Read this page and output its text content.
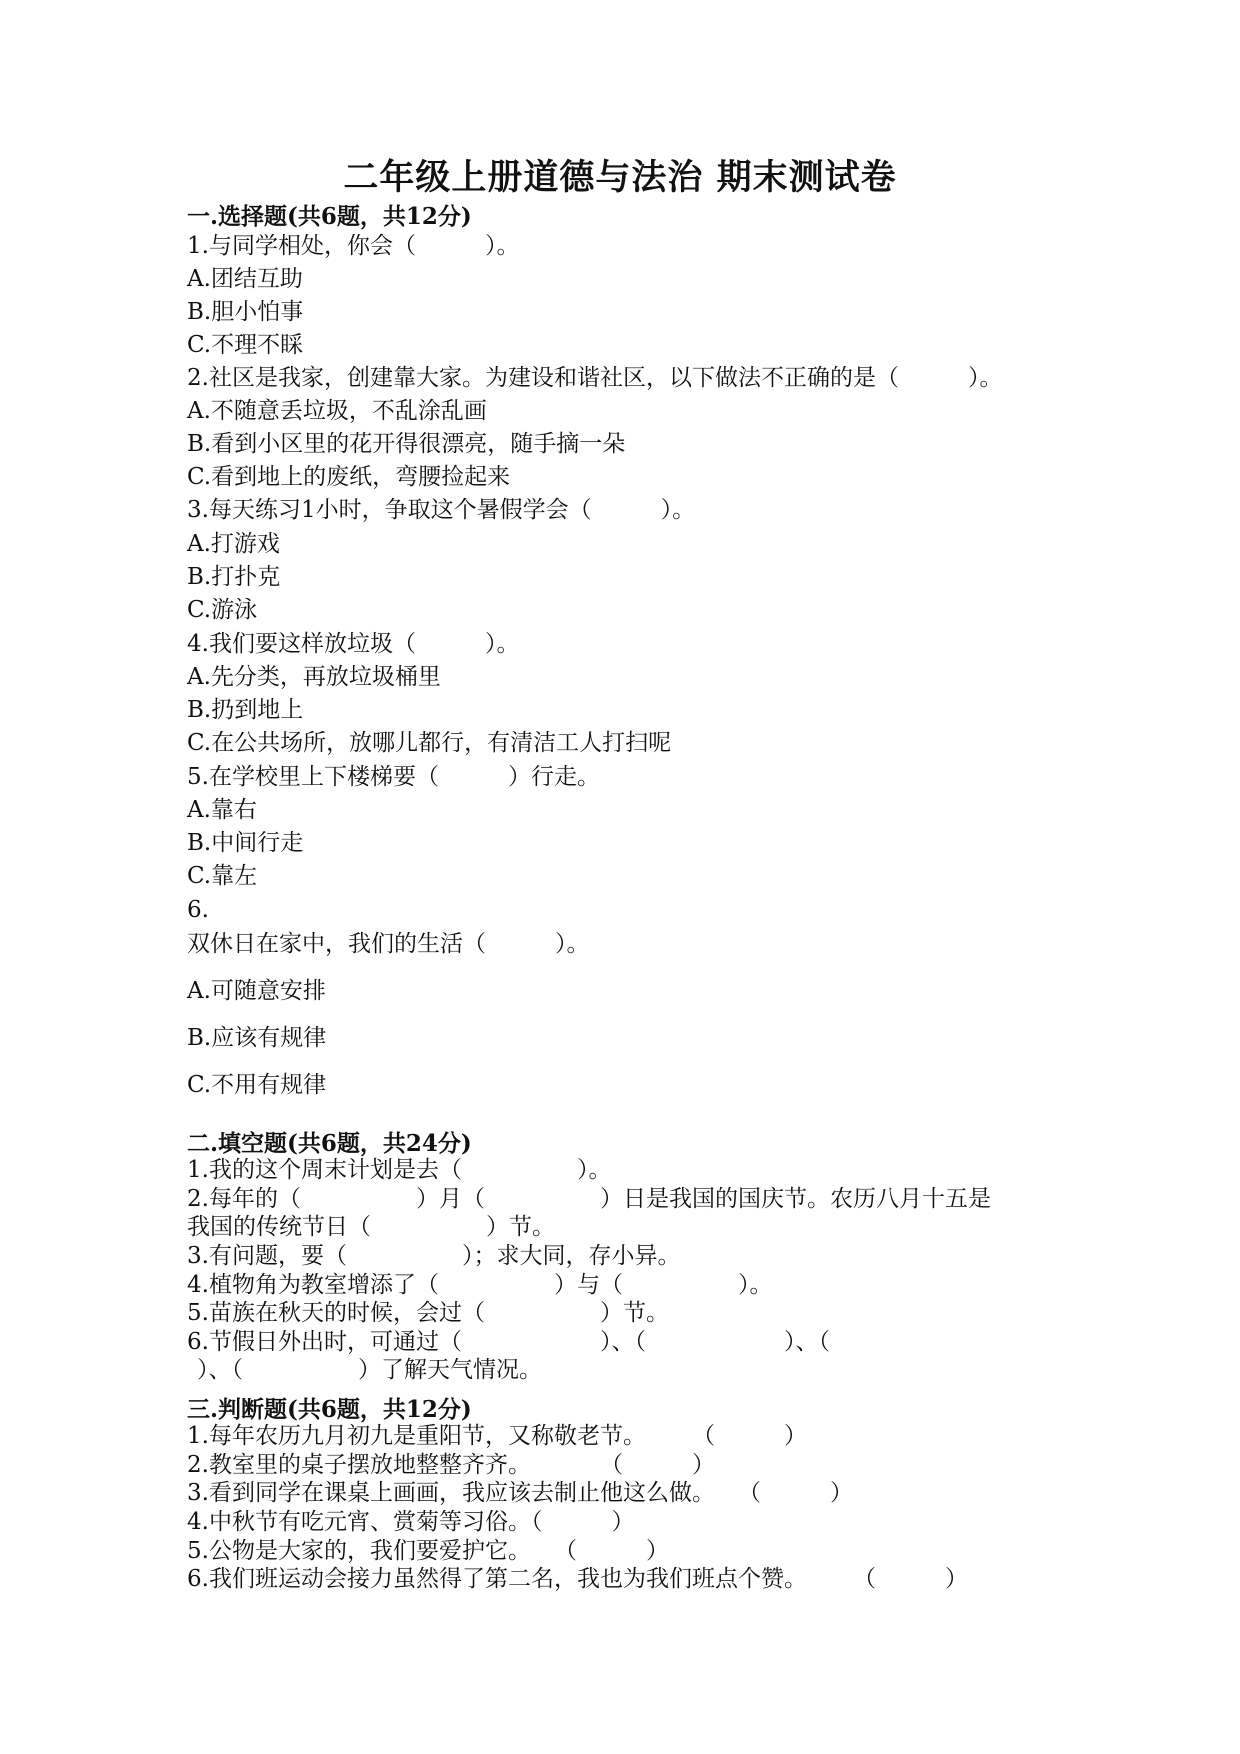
二年级上册道德与法治 期末测试卷
一.选择题(共6题，共12分)
1.与同学相处，你会（　　　）。
A.团结互助
B.胆小怕事
C.不理不睬
2.社区是我家，创建靠大家。为建设和谐社区，以下做法不正确的是（　　　）。
A.不随意丢垃圾，不乱涂乱画
B.看到小区里的花开得很漂亮，随手摘一朵
C.看到地上的废纸，弯腰捡起来
3.每天练习1小时，争取这个暑假学会（　　　）。
A.打游戏
B.打扑克
C.游泳
4.我们要这样放垃圾（　　　）。
A.先分类，再放垃圾桶里
B.扔到地上
C.在公共场所，放哪儿都行，有清洁工人打扫呢
5.在学校里上下楼梯要（　　　）行走。
A.靠右
B.中间行走
C.靠左
6.
双休日在家中，我们的生活（　　　）。
A.可随意安排
B.应该有规律
C.不用有规律
二.填空题(共6题，共24分)
1.我的这个周末计划是去（　　　　　）。
2.每年的（　　　　　）月（　　　　　）日是我国的国庆节。农历八月十五是
我国的传统节日（　　　　　）节。
3.有问题，要（　　　　　）；求大同，存小异。
4.植物角为教室增添了（　　　　　）与（　　　　　）。
5.苗族在秋天的时候，会过（　　　　　）节。
6.节假日外出时，可通过（　　　　　　）、（　　　　　　）、（
）、（　　　　　）了解天气情况。
三.判断题(共6题，共12分)
1.每年农历九月初九是重阳节，又称敬老节。　　　（　　　）
2.教室里的桌子摆放地整整齐齐。　　　　（　　　）
3.看到同学在课桌上画画，我应该去制止他这么做。　　（　　　）
4.中秋节有吃元宵、赏菊等习俗。（　　　）
5.公物是大家的，我们要爱护它。　　（　　　）
6.我们班运动会接力虽然得了第二名，我也为我们班点个赞。　　　（　　　）
